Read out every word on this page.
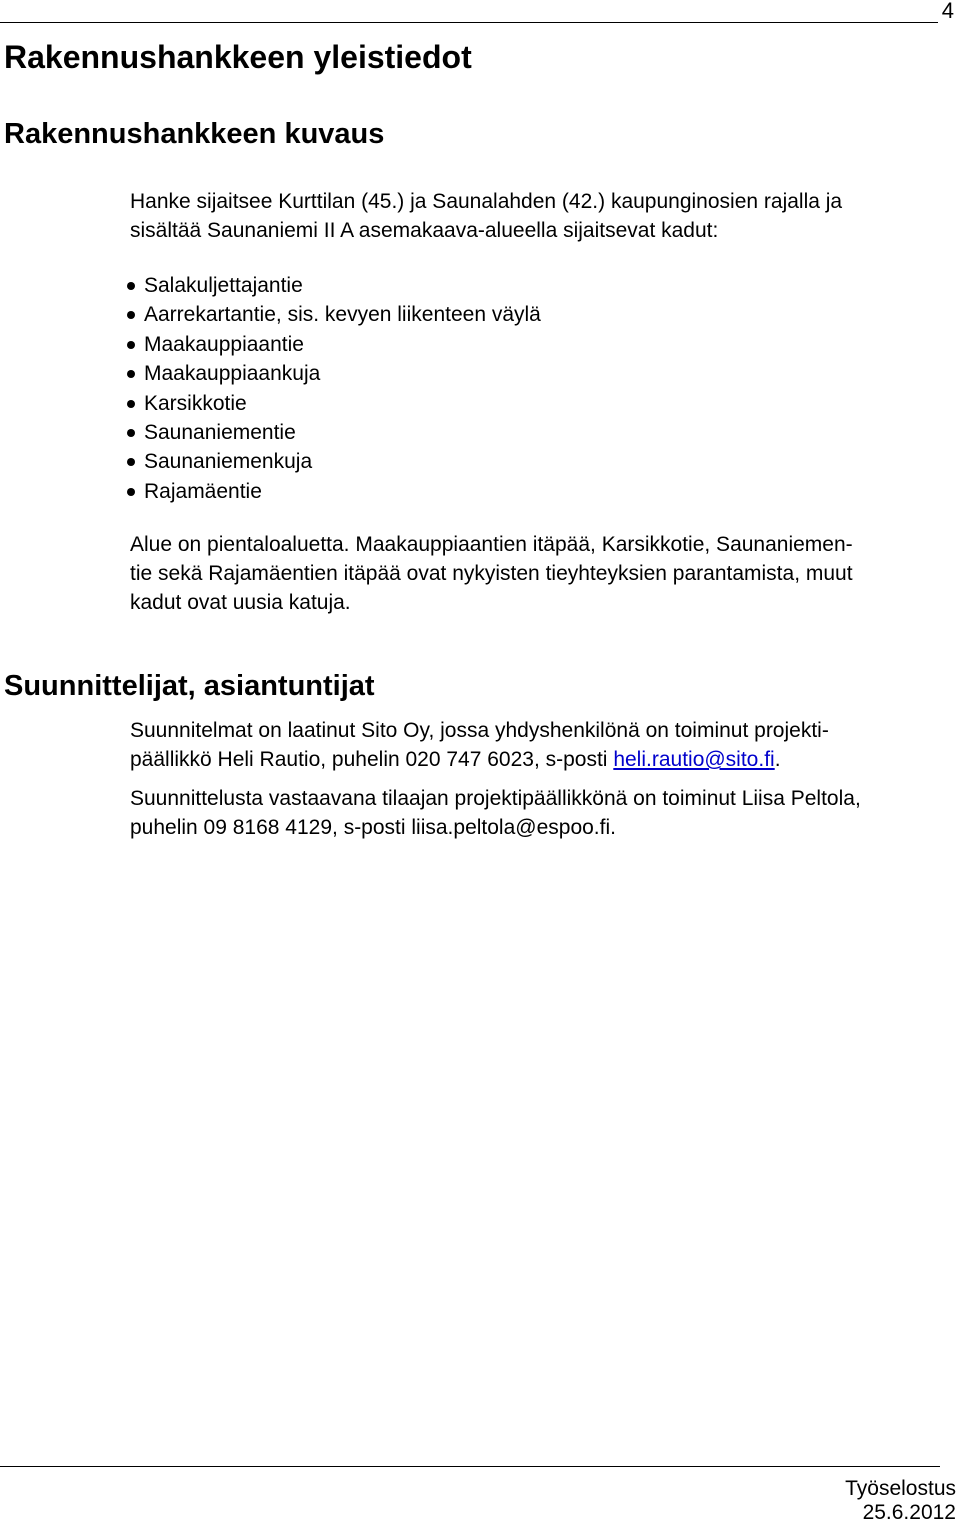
4
Rakennushankkeen yleistiedot
Rakennushankkeen kuvaus

Hanke sijaitsee Kurttilan (45.) ja Saunalahden (42.) kaupunginosien rajalla ja
sisältää Saunaniemi II A asemakaava-alueella sijaitsevat kadut:

Salakuljettajantie
Aarrekartantie, sis. kevyen liikenteen väylä
Maakauppiaantie
Maakauppiaankuja
Karsikkotie
Saunaniementie
Saunaniemenkuja
Rajamäentie

Alue on pientaloaluetta. Maakauppiaantien itäpää, Karsikkotie, Saunaniemen-
tie sekä Rajamäentien itäpää ovat nykyisten tieyhteyksien parantamista, muut
kadut ovat uusia katuja.

Suunnittelijat, asiantuntijat

Suunnitelmat on laatinut Sito Oy, jossa yhdyshenkilönä on toiminut projekti-
päällikkö Heli Rautio, puhelin 020 747 6023, s-posti heli.rautio@sito.fi.

Suunnittelusta vastaavana tilaajan projektipäällikkönä on toiminut Liisa Peltola,
puhelin 09 8168 4129, s-posti liisa.peltola@espoo.fi.

Työselostus
25.6.2012
